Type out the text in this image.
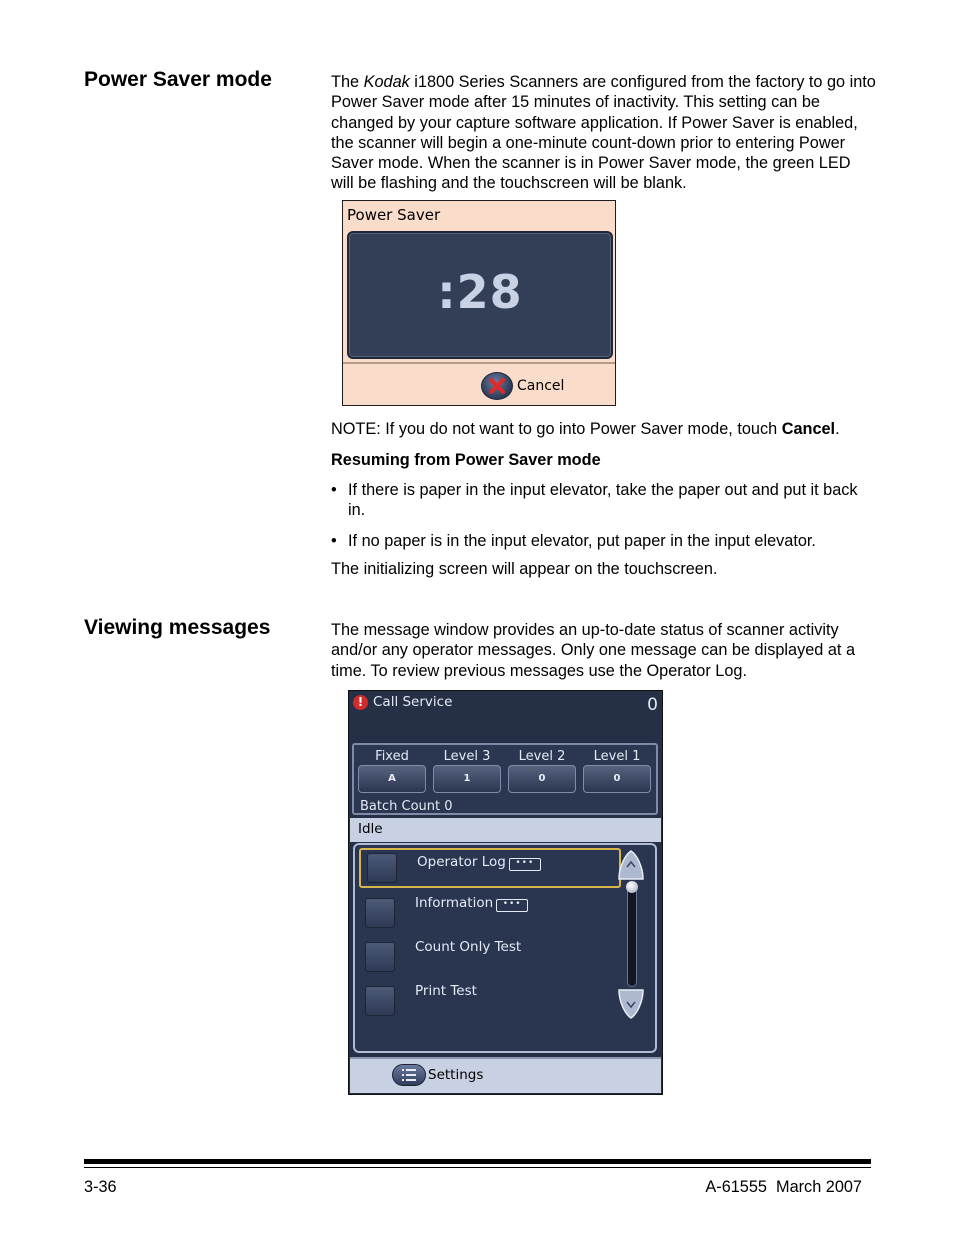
Power Saver mode	The Kodak i1800 Series Scanners are configured from the factory to go into Power Saver mode after 15 minutes of inactivity. This setting can be changed by your capture software application. If Power Saver is enabled, the scanner will begin a one-minute count-down prior to entering Power Saver mode. When the scanner is in Power Saver mode, the green LED will be flashing and the touchscreen will be blank.

Power Saver
:28
Cancel

NOTE: If you do not want to go into Power Saver mode, touch Cancel.

Resuming from Power Saver mode

• If there is paper in the input elevator, take the paper out and put it back in.

• If no paper is in the input elevator, put paper in the input elevator.

The initializing screen will appear on the touchscreen.

Viewing messages	The message window provides an up-to-date status of scanner activity and/or any operator messages. Only one message can be displayed at a time. To review previous messages use the Operator Log.

! Call Service	0
Fixed	Level 3	Level 2	Level 1
A	1	0	0
Batch Count 0
Idle
Operator Log •••
Information •••
Count Only Test
Print Test
Settings
3-36	A-61555  March 2007
